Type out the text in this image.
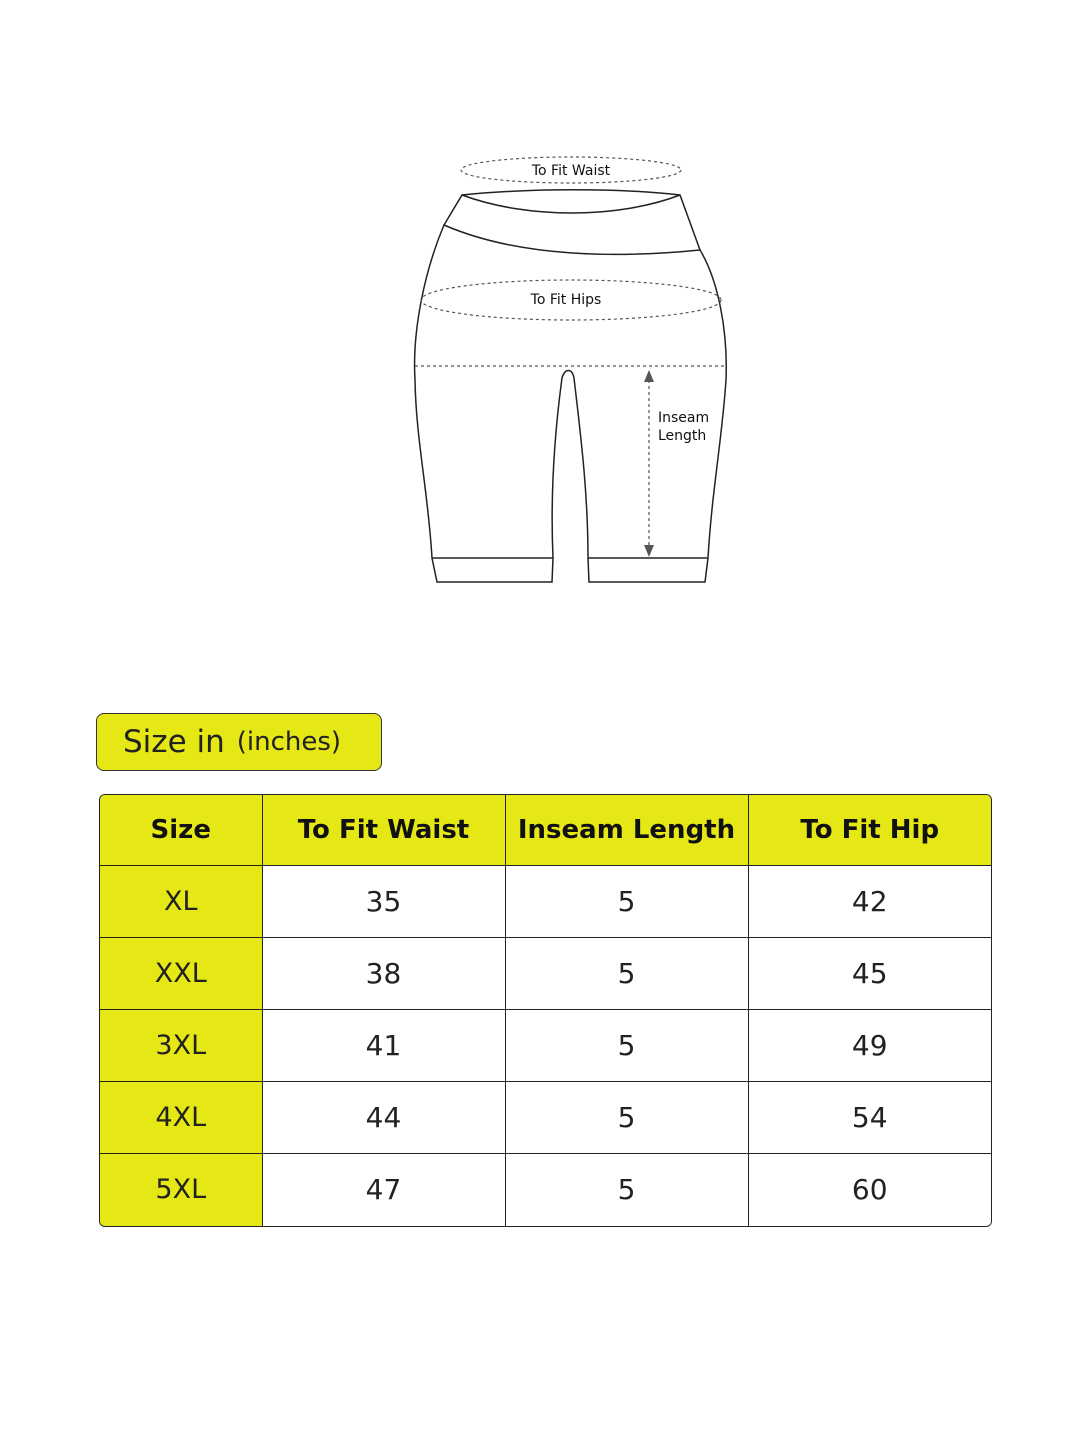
To Fit Waist
To Fit Hips
Inseam
Length
Size in (inches)
Size	To Fit Waist	Inseam Length	To Fit Hip
XL	35	5	42
XXL	38	5	45
3XL	41	5	49
4XL	44	5	54
5XL	47	5	60
